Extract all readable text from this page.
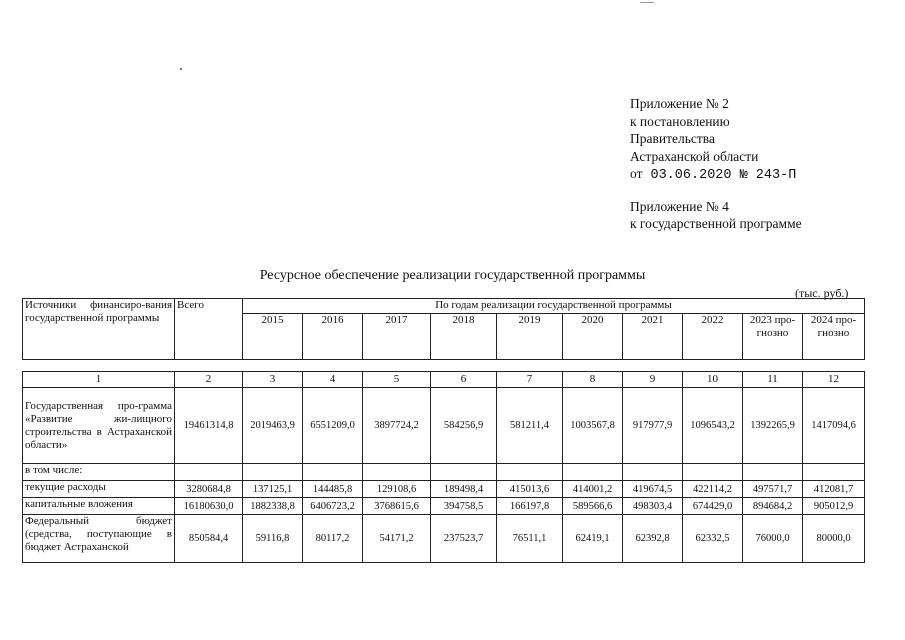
Приложение № 2
к постановлению
Правительства
Астраханской области
от 03.06.2020 № 243-П
Приложение № 4
к государственной программе
Ресурсное обеспечение реализации государственной программы
(тыс. руб.)
Источники финансиро-вания государственной программы	Всего	По годам реализации государственной программы									
		2015	2016	2017	2018	2019	2020	2021	2022	2023 про-гнозно	2024 про-гнозно

1	2	3	4	5	6	7	8	9	10	11	12
Государственная про-грамма «Развитие жи-лищного строительства в Астраханской области»	19461314,8	2019463,9	6551209,0	3897724,2	584256,9	581211,4	1003567,8	917977,9	1096543,2	1392265,9	1417094,6
в том числе:											
текущие расходы	3280684,8	137125,1	144485,8	129108,6	189498,4	415013,6	414001,2	419674,5	422114,2	497571,7	412081,7
капитальные вложения	16180630,0	1882338,8	6406723,2	3768615,6	394758,5	166197,8	589566,6	498303,4	674429,0	894684,2	905012,9
Федеральный бюджет (средства, поступающие в бюджет Астраханской	850584,4	59116,8	80117,2	54171,2	237523,7	76511,1	62419,1	62392,8	62332,5	76000,0	80000,0
